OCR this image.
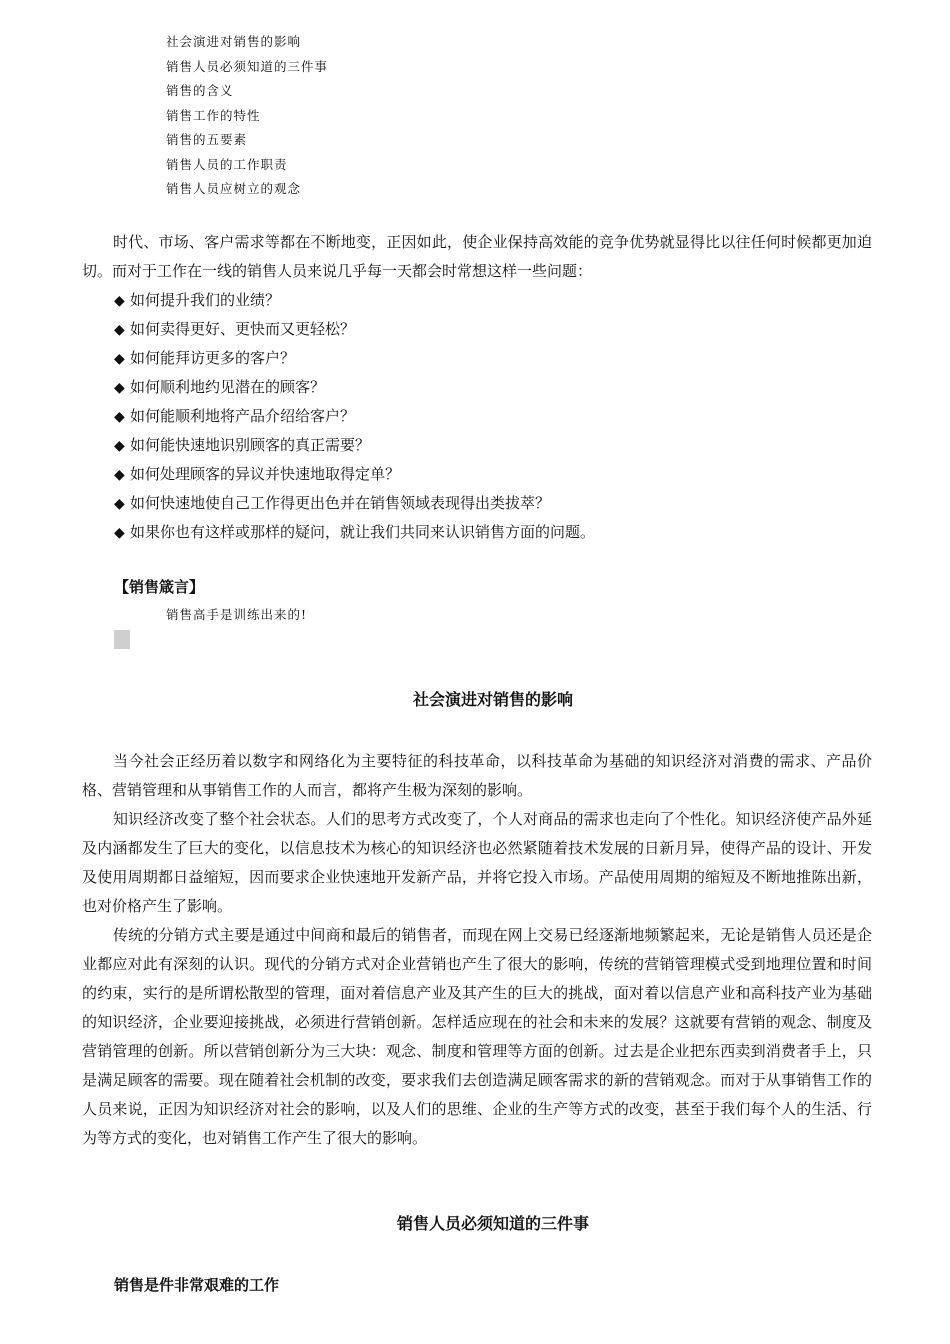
社会演进对销售的影响
销售人员必须知道的三件事
销售的含义
销售工作的特性
销售的五要素
销售人员的工作职责
销售人员应树立的观念
时代、市场、客户需求等都在不断地变，正因如此，使企业保持高效能的竞争优势就显得比以往任何时候都更加迫切。而对于工作在一线的销售人员来说几乎每一天都会时常想这样一些问题：
◆ 如何提升我们的业绩？
◆ 如何卖得更好、更快而又更轻松？
◆ 如何能拜访更多的客户？
◆ 如何顺利地约见潜在的顾客？
◆ 如何能顺利地将产品介绍给客户？
◆ 如何能快速地识别顾客的真正需要？
◆ 如何处理顾客的异议并快速地取得定单？
◆ 如何快速地使自己工作得更出色并在销售领域表现得出类拔萃？
◆ 如果你也有这样或那样的疑问，就让我们共同来认识销售方面的问题。
【销售箴言】
销售高手是训练出来的!
社会演进对销售的影响

当今社会正经历着以数字和网络化为主要特征的科技革命，以科技革命为基础的知识经济对消费的需求、产品价格、营销管理和从事销售工作的人而言，都将产生极为深刻的影响。

知识经济改变了整个社会状态。人们的思考方式改变了，个人对商品的需求也走向了个性化。知识经济使产品外延及内涵都发生了巨大的变化，以信息技术为核心的知识经济也必然紧随着技术发展的日新月异，使得产品的设计、开发及使用周期都日益缩短，因而要求企业快速地开发新产品，并将它投入市场。产品使用周期的缩短及不断地推陈出新，也对价格产生了影响。

传统的分销方式主要是通过中间商和最后的销售者，而现在网上交易已经逐渐地频繁起来，无论是销售人员还是企业都应对此有深刻的认识。现代的分销方式对企业营销也产生了很大的影响，传统的营销管理模式受到地理位置和时间的约束，实行的是所谓松散型的管理，面对着信息产业及其产生的巨大的挑战，面对着以信息产业和高科技产业为基础的知识经济，企业要迎接挑战，必须进行营销创新。怎样适应现在的社会和未来的发展？这就要有营销的观念、制度及营销管理的创新。所以营销创新分为三大块：观念、制度和管理等方面的创新。过去是企业把东西卖到消费者手上，只是满足顾客的需要。现在随着社会机制的改变，要求我们去创造满足顾客需求的新的营销观念。而对于从事销售工作的人员来说，正因为知识经济对社会的影响，以及人们的思维、企业的生产等方式的改变，甚至于我们每个人的生活、行为等方式的变化，也对销售工作产生了很大的影响。

销售人员必须知道的三件事
销售是件非常艰难的工作
